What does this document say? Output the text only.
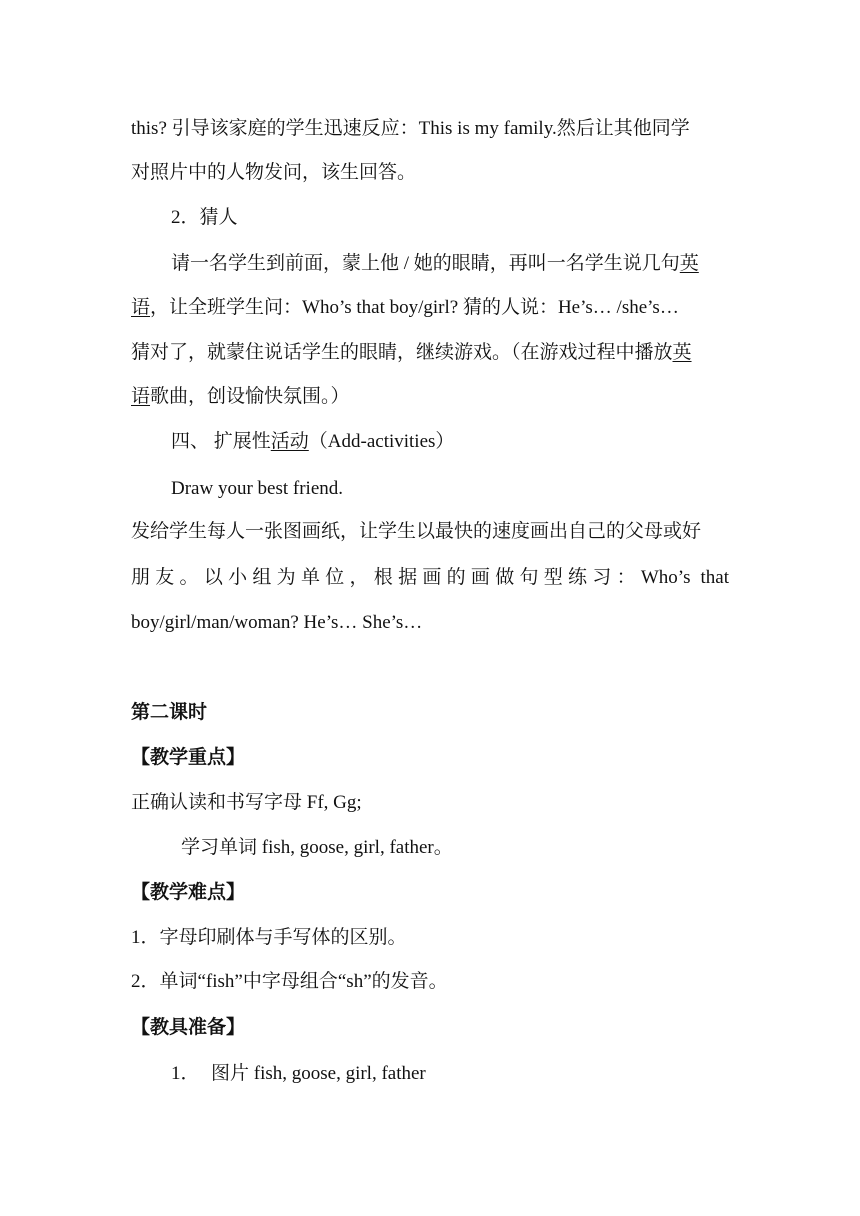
this? 引导该家庭的学生迅速反应：This is my family.然后让其他同学
对照片中的人物发问，该生回答。
2．猜人
请一名学生到前面，蒙上他 / 她的眼睛，再叫一名学生说几句英
语，让全班学生问：Who’s that boy/girl? 猜的人说：He’s… /she’s…
猜对了，就蒙住说话学生的眼睛，继续游戏。（在游戏过程中播放英
语歌曲，创设愉快氛围。）
四、 扩展性活动（Add-activities）
Draw your best friend.
发给学生每人一张图画纸，让学生以最快的速度画出自己的父母或好
朋友。以小组为单位，根据画的画做句型练习：Who’s that
boy/girl/man/woman? He’s… She’s…
第二课时
【教学重点】
正确认读和书写字母 Ff, Gg;
学习单词 fish, goose, girl, father。
【教学难点】
1．字母印刷体与手写体的区别。
2．单词“fish”中字母组合“sh”的发音。
【教具准备】
1． 图片 fish, goose, girl, father
